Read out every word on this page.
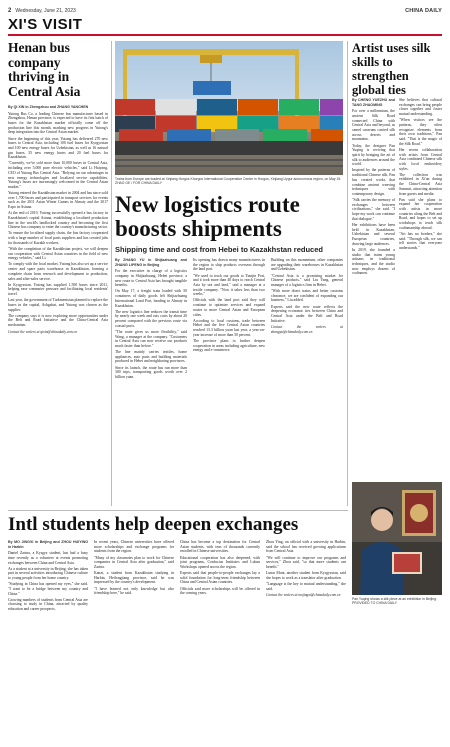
2 Wednesday, June 21, 2023	CHINA DAILY
XI'S VISIT
Henan bus company thriving in Central Asia
By QI XIN in Zhengzhou and ZHANG YANCHEN

Yutong Bus Co, a leading Chinese bus manufacturer based in Zhengzhou, Henan province, is expected to have its first batch of buses for the Kazakhstan market officially come off the production line this month, marking new progress in Yutong's deep integration into the Central Asian market.

Since the beginning of this year, Yutong has delivered 270 new buses to Central Asia, including 100 fuel buses for Kyrgyzstan and 100 new energy buses for Uzbekistan, as well as 16 natural gas buses, 35 new energy buses and 20 fuel buses for Kazakhstan.

"Currently, we've sold more than 10,000 buses in Central Asia, including over 5,000 pure electric vehicles," said Li Haiyang, CEO of Yutong Bus Central Asia. "Relying on our advantages in new energy technologies and localized service capabilities, Yutong's buses are increasingly welcomed in the Central Asian market."

Yutong entered the Kazakhstan market in 2004 and has since sold over 1,700 buses and participated in transport services for events such as the 2011 Asian Winter Games in Almaty and the 2017 Expo in Astana.

At the end of 2019, Yutong successfully opened a bus factory in Kazakhstan's capital Astana, establishing a localized production line in the world's landlocked country and becoming the first Chinese bus company to enter the country's manufacturing sector.

To ensure the localized supply chain, the bus factory cooperated with a large number of local parts suppliers and has created jobs for thousands of Kazakh workers.

"With the completion of the Kazakhstan project, we will deepen our cooperation with Central Asian countries in the field of new energy vehicles," said Li.

To comply with the local market, Yutong has also set up a service center and spare parts warehouse in Kazakhstan, forming a complete chain from research and development to production, sales and after-sales service.

In Kyrgyzstan, Yutong has supplied 1,500 buses since 2011, helping ease commuter pressure and facilitating local residents' travel.

Last year, the government of Turkmenistan planned to replace the buses in the capital, Ashgabat, and Yutong was chosen as the supplier.

The company says it is now exploring more opportunities under the Belt and Road Initiative and the China-Central Asia mechanism.

Contact the writers at qixin@chinadaily.com.cn
Trains from Europe are loaded at Xinjiang Horgos Khorgos International Cooperation Center in Horgos, Xinjiang Uygur autonomous region, on May 15. ZHAO GE / FOR CHINA DAILY
New logistics route boosts shipments
Shipping time and cost from Hebei to Kazakhstan reduced
By ZHANG YU in Shijiazhuang and ZHANG LIPENG in Beijing

For the executive in charge of a logistics company in Shijiazhuang, Hebei province, a new route to Central Asia has brought tangible benefits.

On May 17, a freight train loaded with 50 containers of daily goods left Shijiazhuang International Land Port, heading to Almaty in Kazakhstan.

The new logistics line reduces the transit time by nearly one week and cuts costs by about 20 percent compared with the previous route via coastal ports.

"The route gives us more flexibility," said Wang, a manager at the company. "Customers in Central Asia can now receive our products much faster than before."

The line mainly carries textiles, home appliances, auto parts and building materials produced in Hebei and neighboring provinces.

Since its launch, the route has run more than 300 trips, transporting goods worth over 2 billion yuan.

Its opening has drawn many manufacturers in the region to ship products overseas through the land port.

"We used to truck our goods to Tianjin Port, and it took more than 40 days to reach Central Asia by sea and land," said a manager at a textile company. "Now it takes less than two weeks."

Officials with the land port said they will continue to optimize services and expand routes to more Central Asian and European cities.

According to local customs, trade between Hebei and the five Central Asian countries reached 13.3 billion yuan last year, a year-on-year increase of more than 50 percent.

The province plans to further deepen cooperation in areas including agriculture, new energy and e-commerce.

Building on this momentum, other companies are upgrading their warehouses in Kazakhstan and Uzbekistan.

"Central Asia is a promising market for Chinese products," said Liu Yang, general manager of a logistics firm in Hebei.

"With more direct trains and better customs clearance, we are confident of expanding our business," Liu added.

Experts said the new route reflects the deepening economic ties between China and Central Asia under the Belt and Road Initiative.

Contact the writers at zhangyu@chinadaily.com.cn

Artist uses silk skills to strengthen global ties
By CHENG YUEZHU and TANG ZHAOMING

For over a millennium, the ancient Silk Road connected China with Central Asia and beyond, as camel caravans carried silk across deserts and mountains.

Today, the designer Pan Yuqing is reviving that spirit by bringing the art of silk to audiences around the world.

Inspired by the patterns of traditional Chinese silk, Pan has created works that combine ancient weaving techniques with contemporary design.

"Silk carries the memory of exchanges between civilizations," she said. "I hope my work can continue that dialogue."

Her exhibitions have been held in Kazakhstan, Uzbekistan and several European countries, drawing large audiences.

In 2019, she founded a studio that trains young artisans in traditional techniques, and the studio now employs dozens of craftsmen.

She believes that cultural exchanges can bring people closer together and foster mutual understanding.

"When visitors see the patterns, they often recognize elements from their own traditions," Pan said. "That is the magic of the Silk Road."

Her recent collaboration with artists from Central Asia combined Chinese silk with local embroidery styles.

The collection was exhibited in Xi'an during the China-Central Asia Summit, attracting attention from guests and media.

Pan said she plans to expand her cooperation with artists in more countries along the Belt and Road, and hopes to set up workshops to teach silk craftsmanship abroad.

"Art has no borders," she said. "Through silk, we can tell stories that everyone understands."

Pan Yuqing shows a silk piece at an exhibition in Beijing. PROVIDED TO CHINA DAILY
Intl students help deepen exchanges
By MO JINGXI in Beijing and ZHOU HUIYING in Harbin

Daniel Zarina, a Kyrgyz student, has had a busy time recently as a volunteer at events promoting exchanges between China and Central Asia.

As a student at a university in Beijing, she has taken part in several activities introducing Chinese culture to young people from her home country.

"Studying in China has opened my eyes," she said. "I want to be a bridge between my country and China."

Growing numbers of students from Central Asia are choosing to study in China, attracted by quality education and career prospects.

In recent years, Chinese universities have offered more scholarships and exchange programs for students from the region.

"Many of my classmates plan to work for Chinese companies in Central Asia after graduation," said Zarina.

Kanat, a student from Kazakhstan studying in Harbin, Heilongjiang province, said he was impressed by the country's development.

"I have learned not only knowledge but also friendship here," he said.

China has become a top destination for Central Asian students, with tens of thousands currently enrolled in Chinese universities.

Educational cooperation has also deepened, with joint programs, Confucius Institutes and Luban Workshops opened across the region.

Experts said that people-to-people exchanges lay a solid foundation for long-term friendship between China and Central Asian countries.

Officials said more scholarships will be offered in the coming years.

Zhou Ying, an official with a university in Harbin, said the school has received growing applications from Central Asia.

"We will continue to improve our programs and services," Zhou said, "so that more students can benefit."

Lunar Mont, another student from Kyrgyzstan, said she hopes to work as a translator after graduation.

"Language is the key to mutual understanding," she said.

Contact the writers at mojingxi@chinadaily.com.cn
